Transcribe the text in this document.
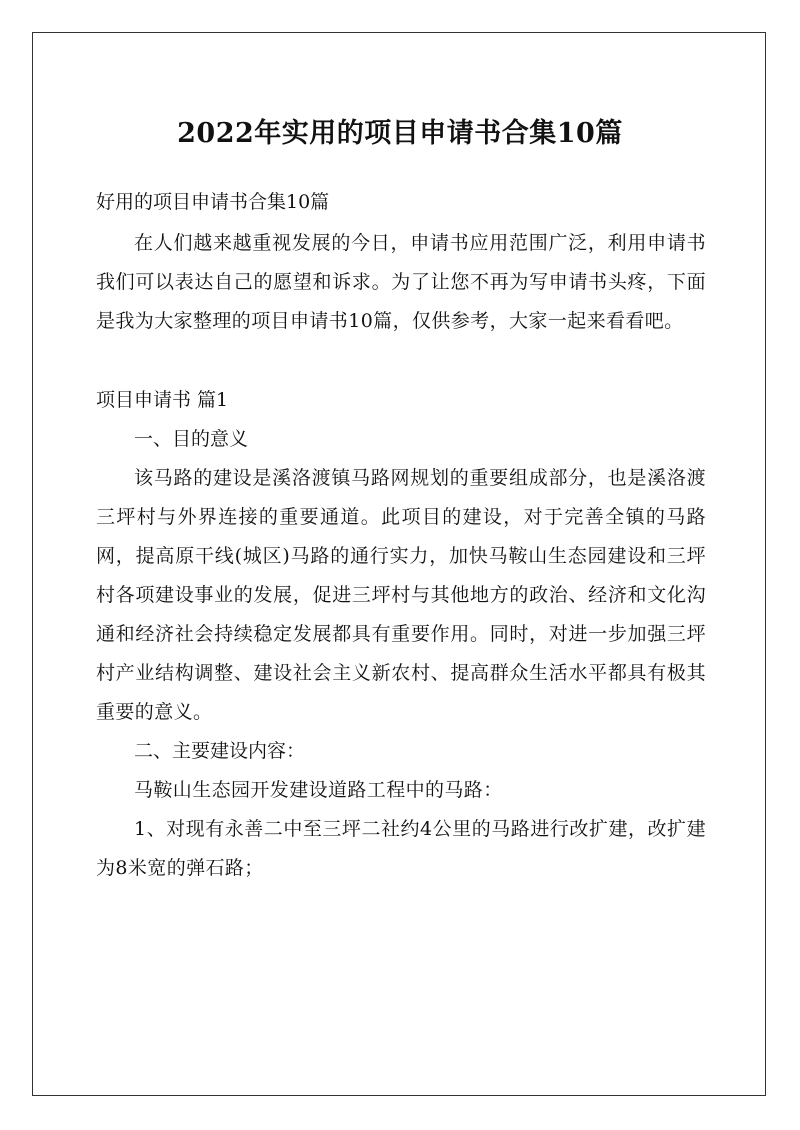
2022年实用的项目申请书合集10篇

好用的项目申请书合集10篇

在人们越来越重视发展的今日，申请书应用范围广泛，利用申请书我们可以表达自己的愿望和诉求。为了让您不再为写申请书头疼，下面是我为大家整理的项目申请书10篇，仅供参考，大家一起来看看吧。

项目申请书 篇1

一、目的意义

该马路的建设是溪洛渡镇马路网规划的重要组成部分，也是溪洛渡三坪村与外界连接的重要通道。此项目的建设，对于完善全镇的马路网，提高原干线(城区)马路的通行实力，加快马鞍山生态园建设和三坪村各项建设事业的发展，促进三坪村与其他地方的政治、经济和文化沟通和经济社会持续稳定发展都具有重要作用。同时，对进一步加强三坪村产业结构调整、建设社会主义新农村、提高群众生活水平都具有极其重要的意义。

二、主要建设内容：

马鞍山生态园开发建设道路工程中的马路：

1、对现有永善二中至三坪二社约4公里的马路进行改扩建，改扩建为8米宽的弹石路；
